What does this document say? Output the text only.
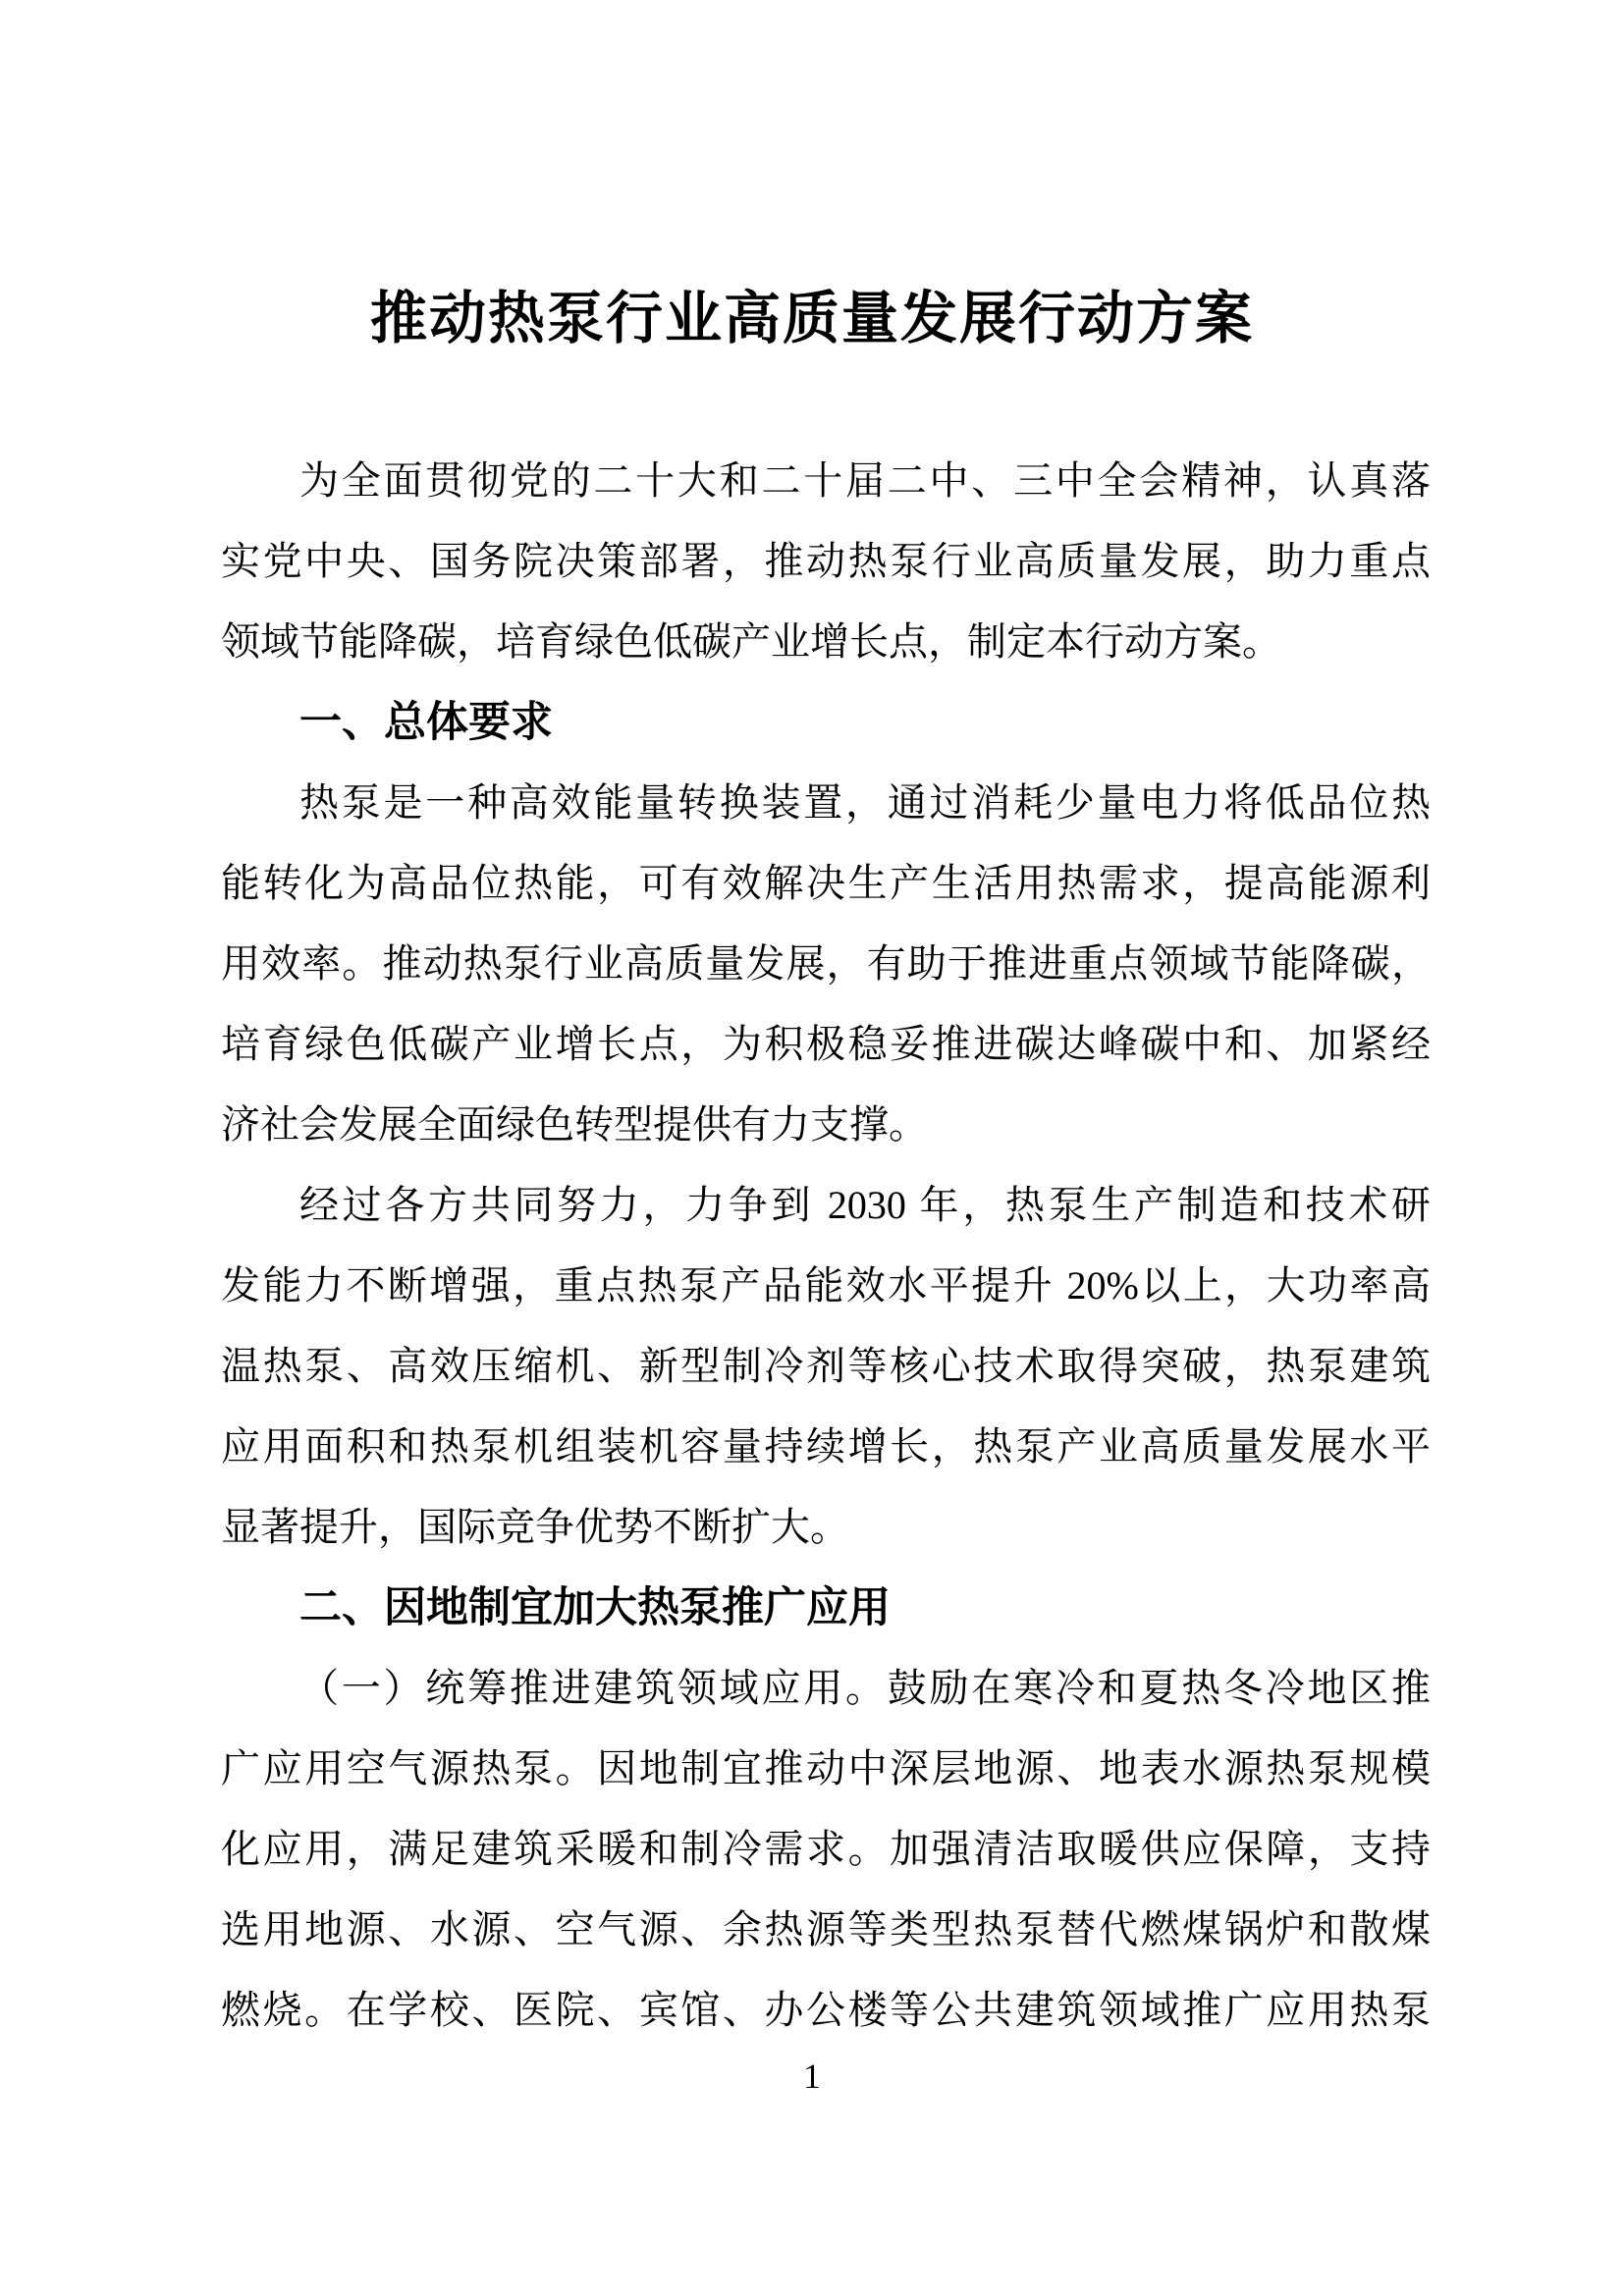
推动热泵行业高质量发展行动方案
为全面贯彻党的二十大和二十届二中、三中全会精神，认真落
实党中央、国务院决策部署，推动热泵行业高质量发展，助力重点
领域节能降碳，培育绿色低碳产业增长点，制定本行动方案。
一、总体要求
热泵是一种高效能量转换装置，通过消耗少量电力将低品位热
能转化为高品位热能，可有效解决生产生活用热需求，提高能源利
用效率。推动热泵行业高质量发展，有助于推进重点领域节能降碳，
培育绿色低碳产业增长点，为积极稳妥推进碳达峰碳中和、加紧经
济社会发展全面绿色转型提供有力支撑。
经过各方共同努力，力争到 2030 年，热泵生产制造和技术研
发能力不断增强，重点热泵产品能效水平提升 20%以上，大功率高
温热泵、高效压缩机、新型制冷剂等核心技术取得突破，热泵建筑
应用面积和热泵机组装机容量持续增长，热泵产业高质量发展水平
显著提升，国际竞争优势不断扩大。
二、因地制宜加大热泵推广应用
（一）统筹推进建筑领域应用。鼓励在寒冷和夏热冬冷地区推
广应用空气源热泵。因地制宜推动中深层地源、地表水源热泵规模
化应用，满足建筑采暖和制冷需求。加强清洁取暖供应保障，支持
选用地源、水源、空气源、余热源等类型热泵替代燃煤锅炉和散煤
燃烧。在学校、医院、宾馆、办公楼等公共建筑领域推广应用热泵
1
